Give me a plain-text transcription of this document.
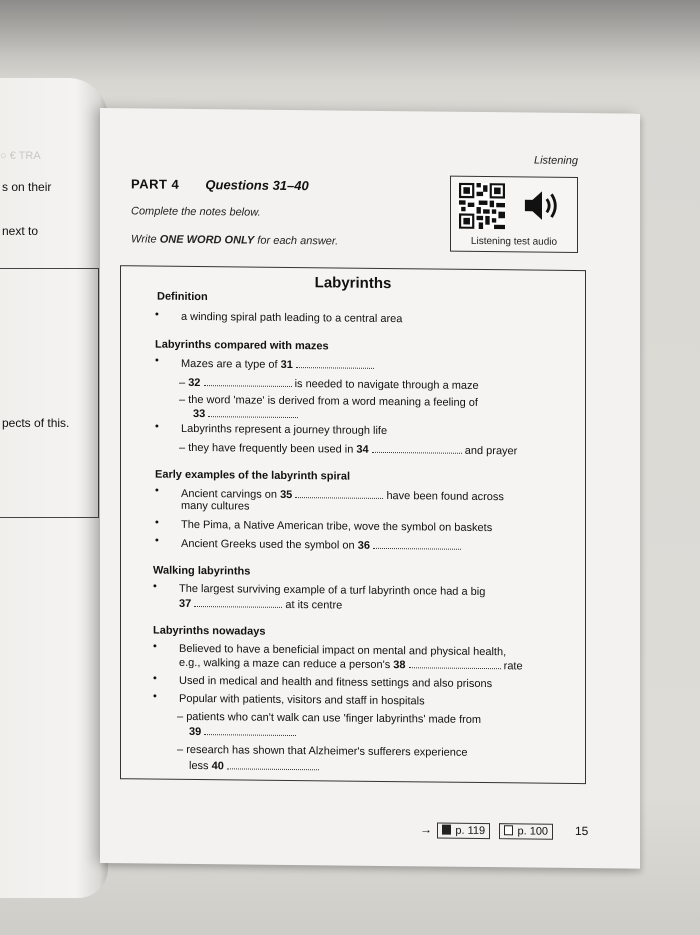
○ € TRA
s on their
next to
pects of this.
Listening
PART 4 Questions 31–40
Complete the notes below.
Write ONE WORD ONLY for each answer.	Listening test audio
Labyrinths
Definition
• a winding spiral path leading to a central area
Labyrinths compared with mazes
• Mazes are a type of 31
– 32	is needed to navigate through a maze
– the word 'maze' is derived from a word meaning a feeling of
33
• Labyrinths represent a journey through life
– they have frequently been used in 34	and prayer
Early examples of the labyrinth spiral
• Ancient carvings on 35	have been found across
many cultures
• The Pima, a Native American tribe, wove the symbol on baskets
• Ancient Greeks used the symbol on 36
Walking labyrinths
• The largest surviving example of a turf labyrinth once had a big
37	at its centre
Labyrinths nowadays
• Believed to have a beneficial impact on mental and physical health,
e.g., walking a maze can reduce a person's 38	rate
• Used in medical and health and fitness settings and also prisons
• Popular with patients, visitors and staff in hospitals
– patients who can't walk can use 'finger labyrinths' made from
39
– research has shown that Alzheimer's sufferers experience
less 40
→ p. 119	p. 100	15
